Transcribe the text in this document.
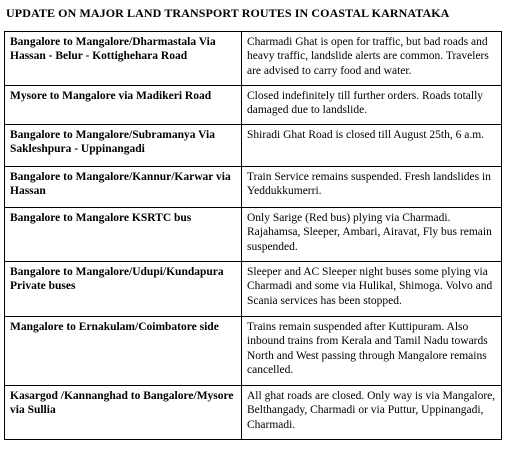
UPDATE ON MAJOR LAND TRANSPORT ROUTES IN COASTAL KARNATAKA
Bangalore to Mangalore/Dharmastala Via Hassan - Belur - Kottighehara Road	Charmadi Ghat is open for traffic, but bad roads and heavy traffic, landslide alerts are common. Travelers are advised to carry food and water.
Mysore to Mangalore via Madikeri Road	Closed indefinitely till further orders. Roads totally damaged due to landslide.
Bangalore to Mangalore/Subramanya Via Sakleshpura - Uppinangadi	Shiradi Ghat Road is closed till August 25th, 6 a.m.
Bangalore to Mangalore/Kannur/Karwar via Hassan	Train Service remains suspended. Fresh landslides in Yeddukkumerri.
Bangalore to Mangalore KSRTC bus	Only Sarige (Red bus) plying via Charmadi. Rajahamsa, Sleeper, Ambari, Airavat, Fly bus remain suspended.
Bangalore to Mangalore/Udupi/Kundapura Private buses	Sleeper and AC Sleeper night buses some plying via Charmadi and some via Hulikal, Shimoga. Volvo and Scania services has been stopped.
Mangalore to Ernakulam/Coimbatore side	Trains remain suspended after Kuttipuram. Also inbound trains from Kerala and Tamil Nadu towards North and West passing through Mangalore remains cancelled.
Kasargod /Kannanghad to Bangalore/Mysore via Sullia	All ghat roads are closed. Only way is via Mangalore, Belthangady, Charmadi or via Puttur, Uppinangadi, Charmadi.
